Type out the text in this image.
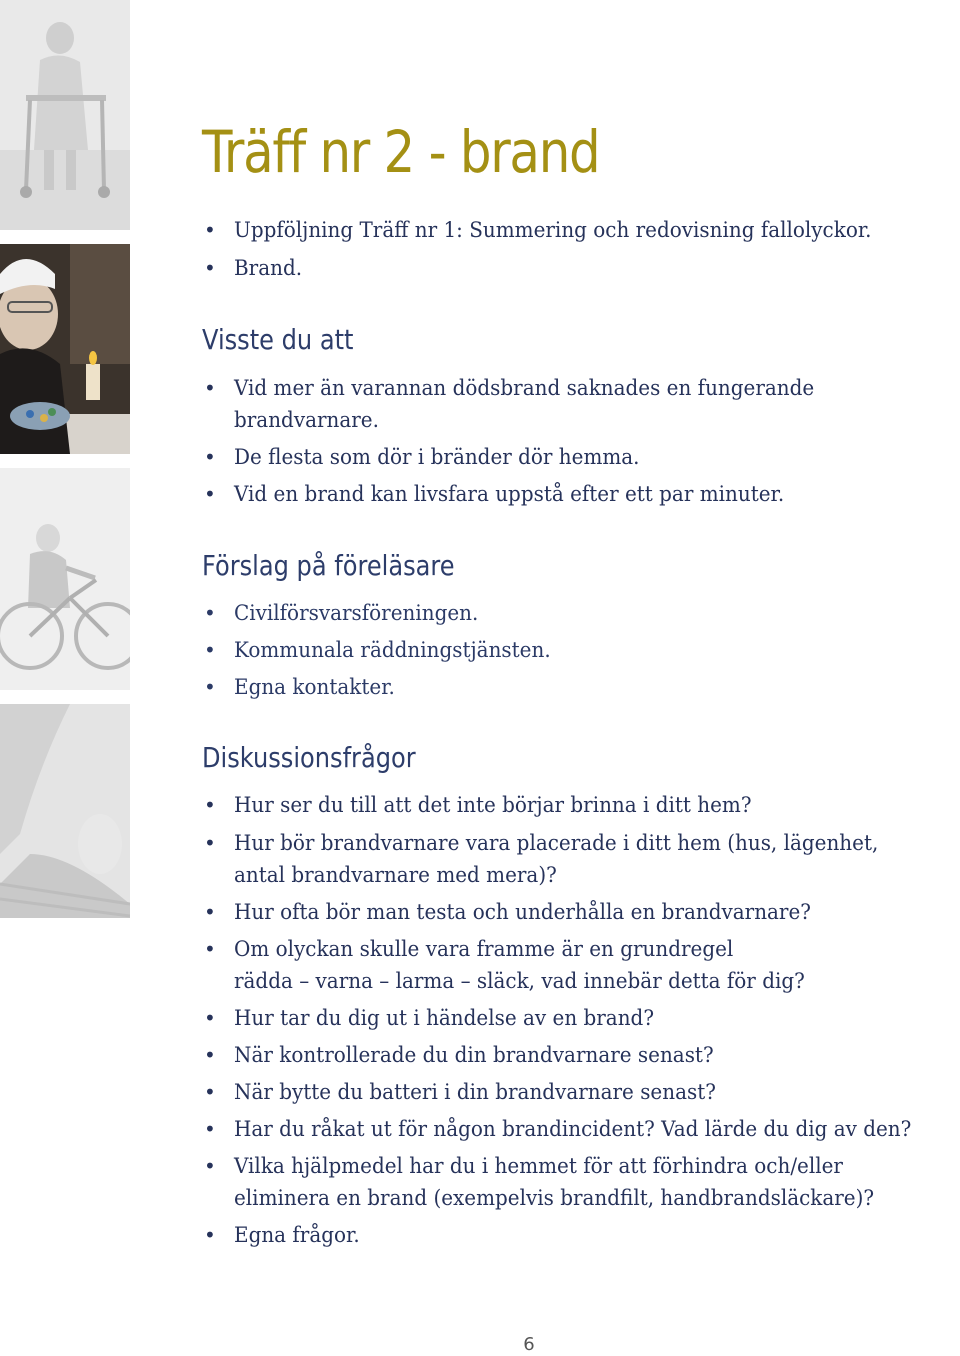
Träff nr 2 - brand
• Uppföljning Träff nr 1: Summering och redovisning fallolyckor.
• Brand.
Visste du att
• Vid mer än varannan dödsbrand saknades en fungerande
brandvarnare.
• De flesta som dör i bränder dör hemma.
• Vid en brand kan livsfara uppstå efter ett par minuter.
Förslag på föreläsare
• Civilförsvarsföreningen.
• Kommunala räddningstjänsten.
• Egna kontakter.
Diskussionsfrågor
• Hur ser du till att det inte börjar brinna i ditt hem?
• Hur bör brandvarnare vara placerade i ditt hem (hus, lägenhet,
antal brandvarnare med mera)?
• Hur ofta bör man testa och underhålla en brandvarnare?
• Om olyckan skulle vara framme är en grundregel
rädda – varna – larma – släck, vad innebär detta för dig?
• Hur tar du dig ut i händelse av en brand?
• När kontrollerade du din brandvarnare senast?
• När bytte du batteri i din brandvarnare senast?
• Har du råkat ut för någon brandincident? Vad lärde du dig av den?
• Vilka hjälpmedel har du i hemmet för att förhindra och/eller
eliminera en brand (exempelvis brandfilt, handbrandsläckare)?
• Egna frågor.
6
